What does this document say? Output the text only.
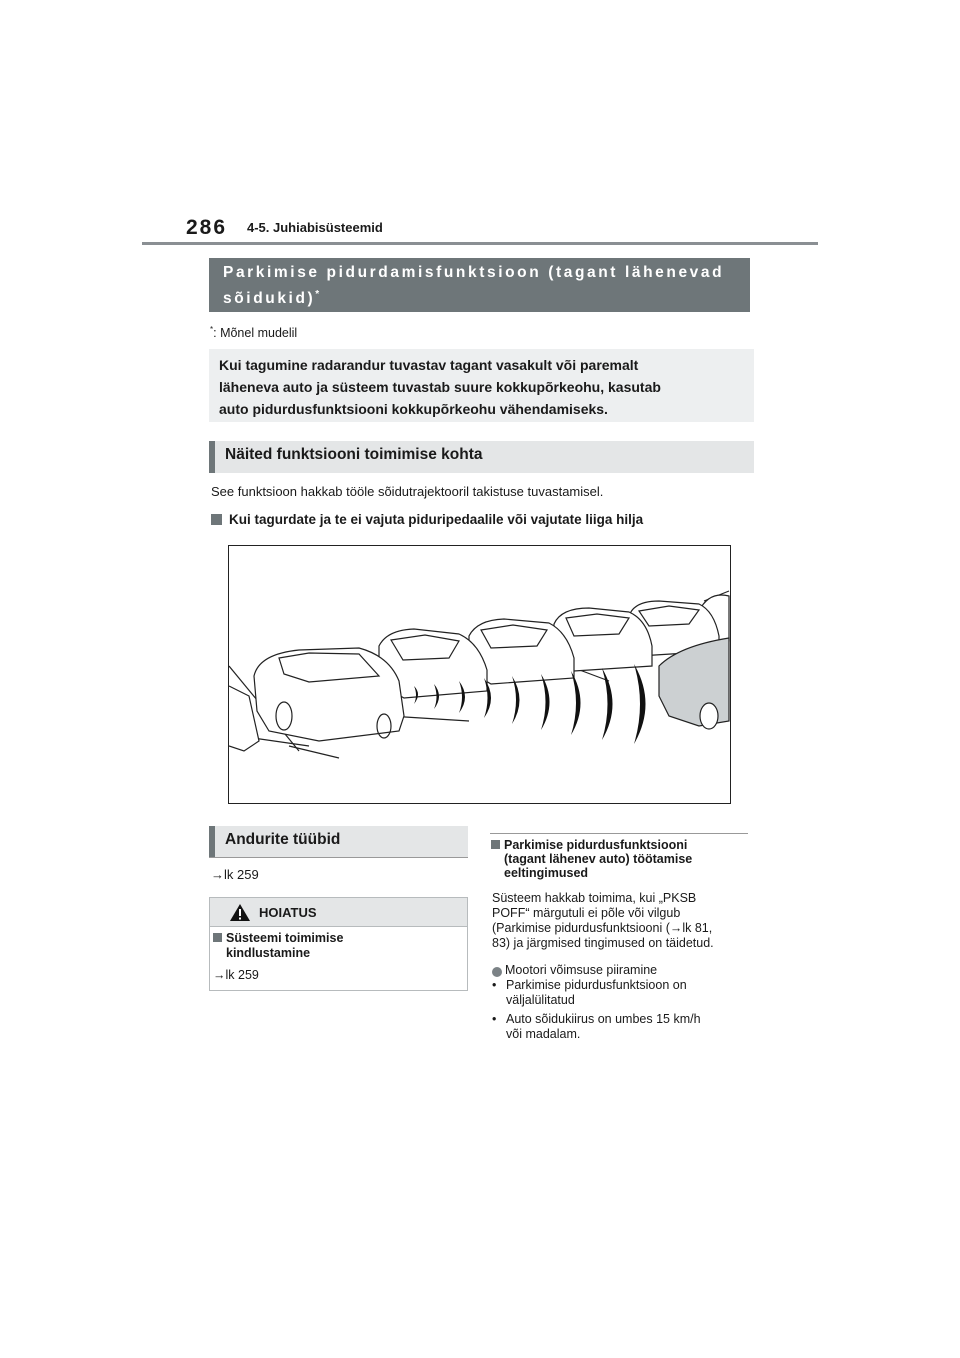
286 4-5. Juhiabisüsteemid
Parkimise pidurdamisfunktsioon (tagant lähenevad
sõidukid)*
*: Mõnel mudelil
Kui tagumine radarandur tuvastav tagant vasakult või paremalt
läheneva auto ja süsteem tuvastab suure kokkupõrkeohu, kasutab
auto pidurdusfunktsiooni kokkupõrkeohu vähendamiseks.
Näited funktsiooni toimimise kohta
See funktsioon hakkab tööle sõidutrajektooril takistuse tuvastamisel.
Kui tagurdate ja te ei vajuta piduripedaalile või vajutate liiga hilja
Andurite tüübid
→lk 259
HOIATUS
Süsteemi toimimise
kindlustamine
→lk 259
Parkimise pidurdusfunktsiooni
(tagant lähenev auto) töötamise
eeltingimused
Süsteem hakkab toimima, kui „PKSB
POFF“ märgutuli ei põle või vilgub
(Parkimise pidurdusfunktsiooni (→lk 81,
83) ja järgmised tingimused on täidetud.
Mootori võimsuse piiramine
• Parkimise pidurdusfunktsioon on
väljalülitatud
• Auto sõidukiirus on umbes 15 km/h
või madalam.
